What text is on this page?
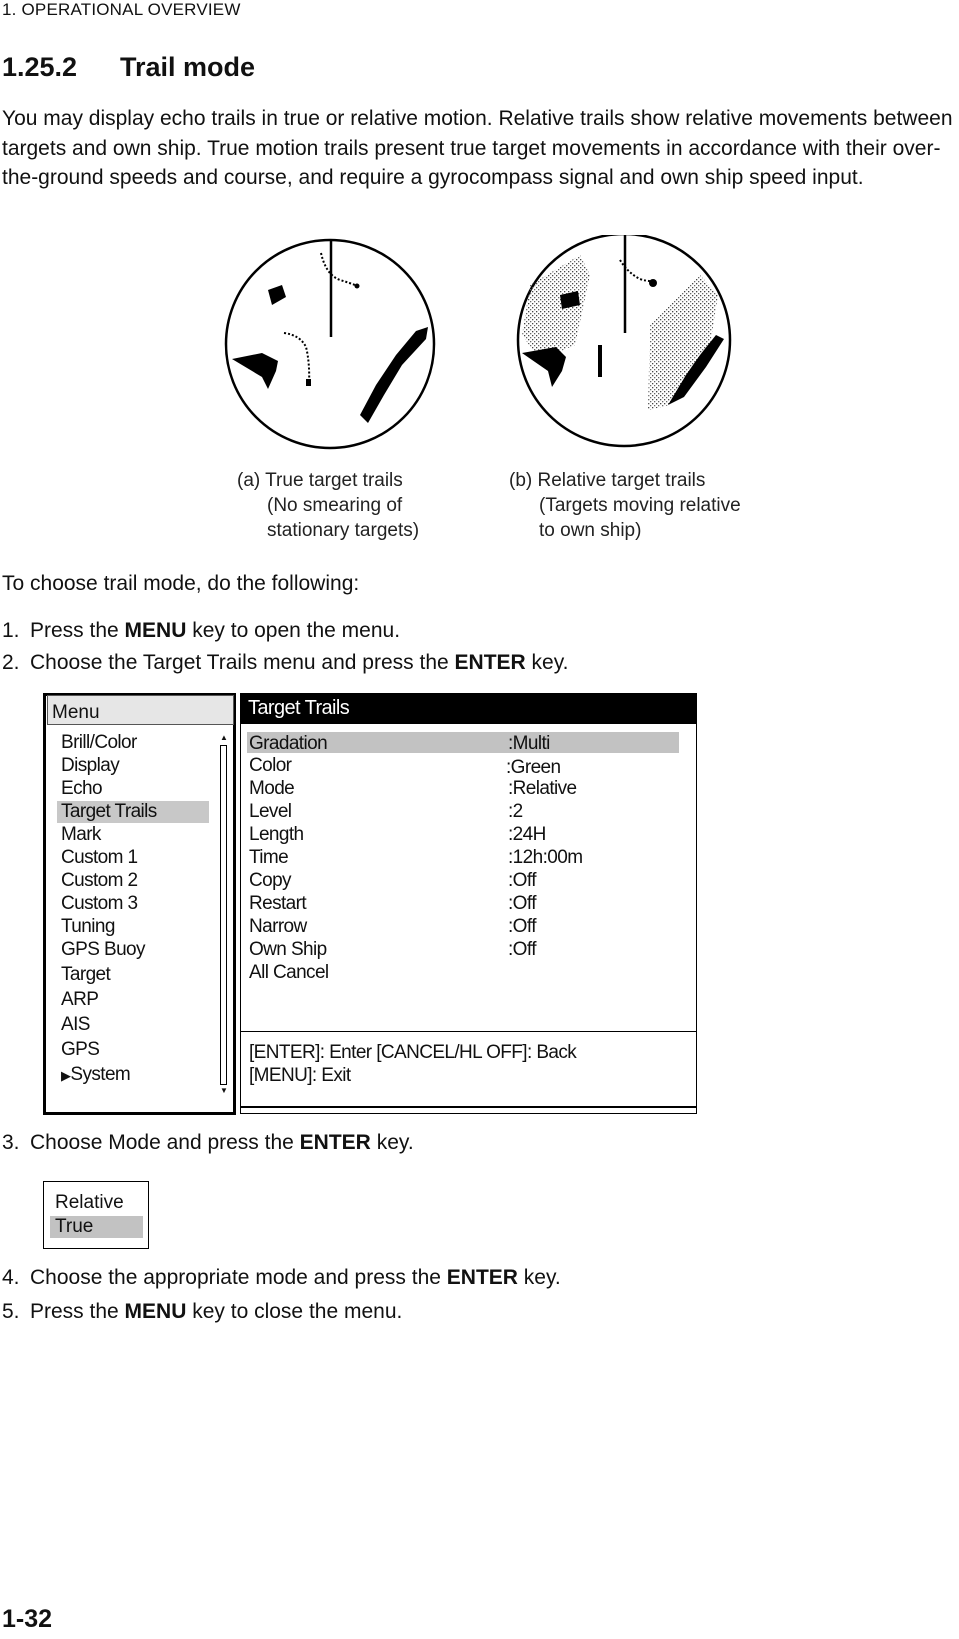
1. OPERATIONAL OVERVIEW
1.25.2 Trail mode
You may display echo trails in true or relative motion. Relative trails show relative movements between targets and own ship. True motion trails present true target movements in accordance with their over-the-ground speeds and course, and require a gyrocompass signal and own ship speed input.
(a) True target trails
(No smearing of
stationary targets)
(b) Relative target trails
(Targets moving relative
to own ship)
To choose trail mode, do the following:
1. Press the MENU key to open the menu.
2. Choose the Target Trails menu and press the ENTER key.
Menu
Brill/Color
Display
Echo
Target Trails
Mark
Custom 1
Custom 2
Custom 3
Tuning
GPS Buoy
Target
ARP
AIS
GPS
▶System
▲
▼
Target Trails
Gradation	:Multi
Color	:Green
Mode	:Relative
Level	:2
Length	:24H
Time	:12h:00m
Copy	:Off
Restart	:Off
Narrow	:Off
Own Ship	:Off
All Cancel
[ENTER]: Enter [CANCEL/HL OFF]: Back
[MENU]: Exit
3. Choose Mode and press the ENTER key.
Relative
True
4. Choose the appropriate mode and press the ENTER key.
5. Press the MENU key to close the menu.
1-32
